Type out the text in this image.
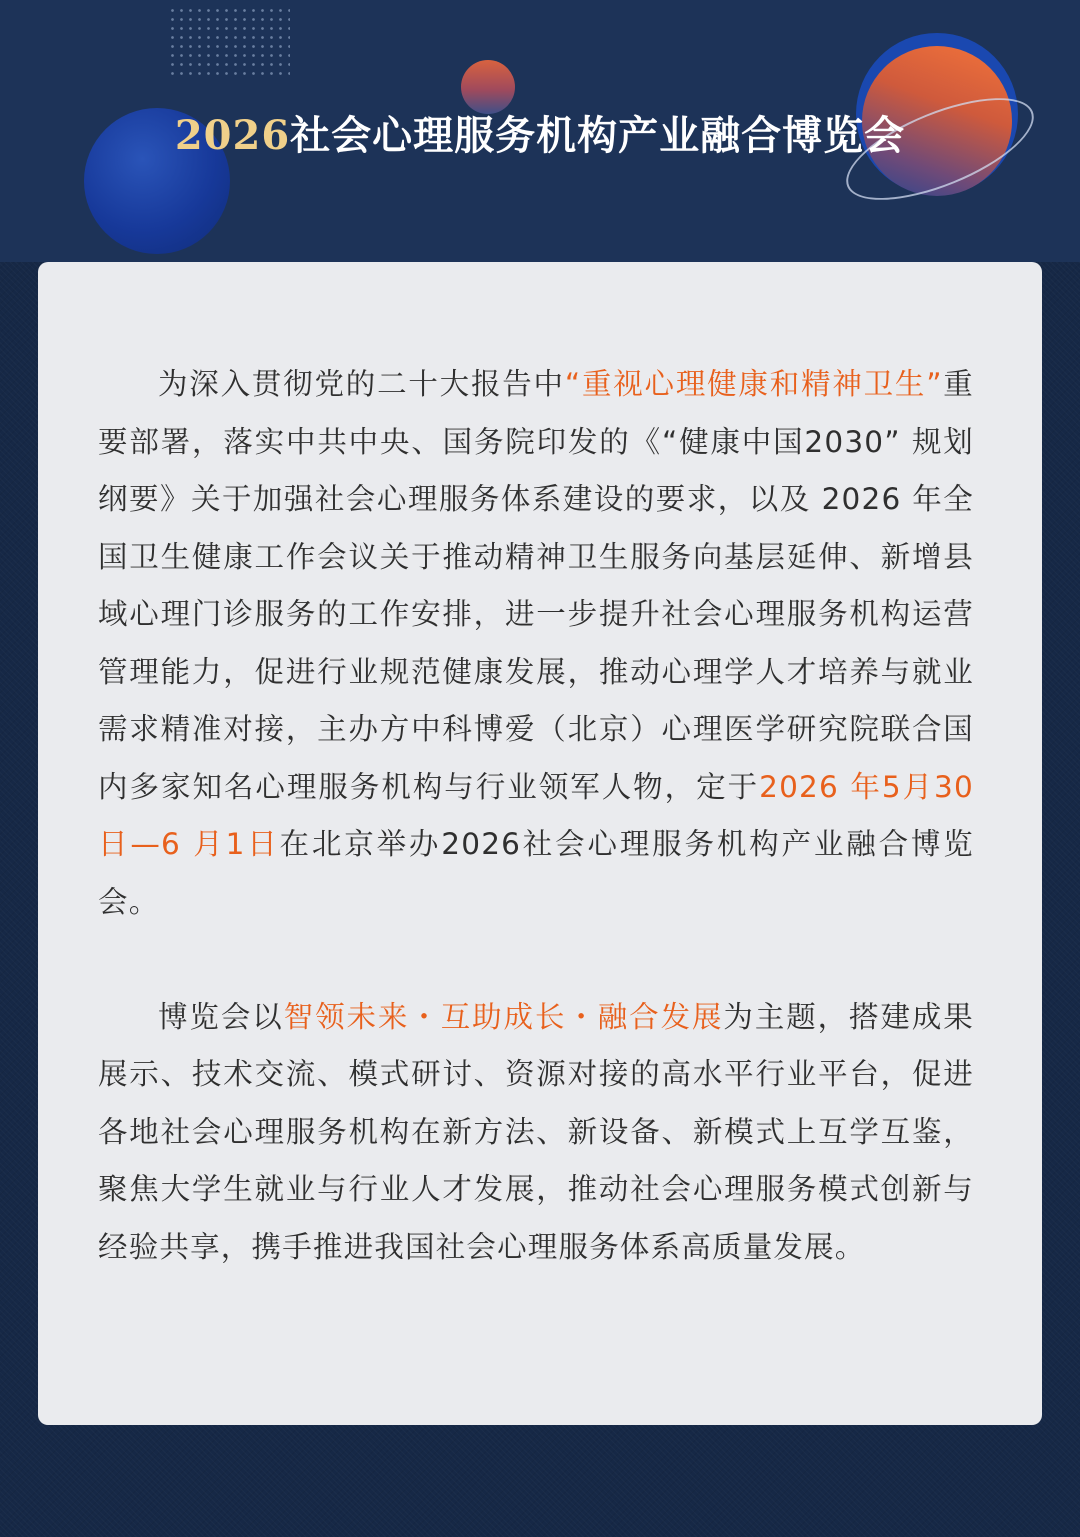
2026社会心理服务机构产业融合博览会

为深入贯彻党的二十大报告中“重视心理健康和精神卫生”重要部署，落实中共中央、国务院印发的《“健康中国2030” 规划纲要》关于加强社会心理服务体系建设的要求，以及 2026 年全国卫生健康工作会议关于推动精神卫生服务向基层延伸、新增县域心理门诊服务的工作安排，进一步提升社会心理服务机构运营管理能力，促进行业规范健康发展，推动心理学人才培养与就业需求精准对接，主办方中科博爱（北京）心理医学研究院联合国内多家知名心理服务机构与行业领军人物，定于2026 年5月30日—6 月1日在北京举办2026社会心理服务机构产业融合博览会。

博览会以智领未来・互助成长・融合发展为主题，搭建成果展示、技术交流、模式研讨、资源对接的高水平行业平台，促进各地社会心理服务机构在新方法、新设备、新模式上互学互鉴，聚焦大学生就业与行业人才发展，推动社会心理服务模式创新与经验共享，携手推进我国社会心理服务体系高质量发展。
